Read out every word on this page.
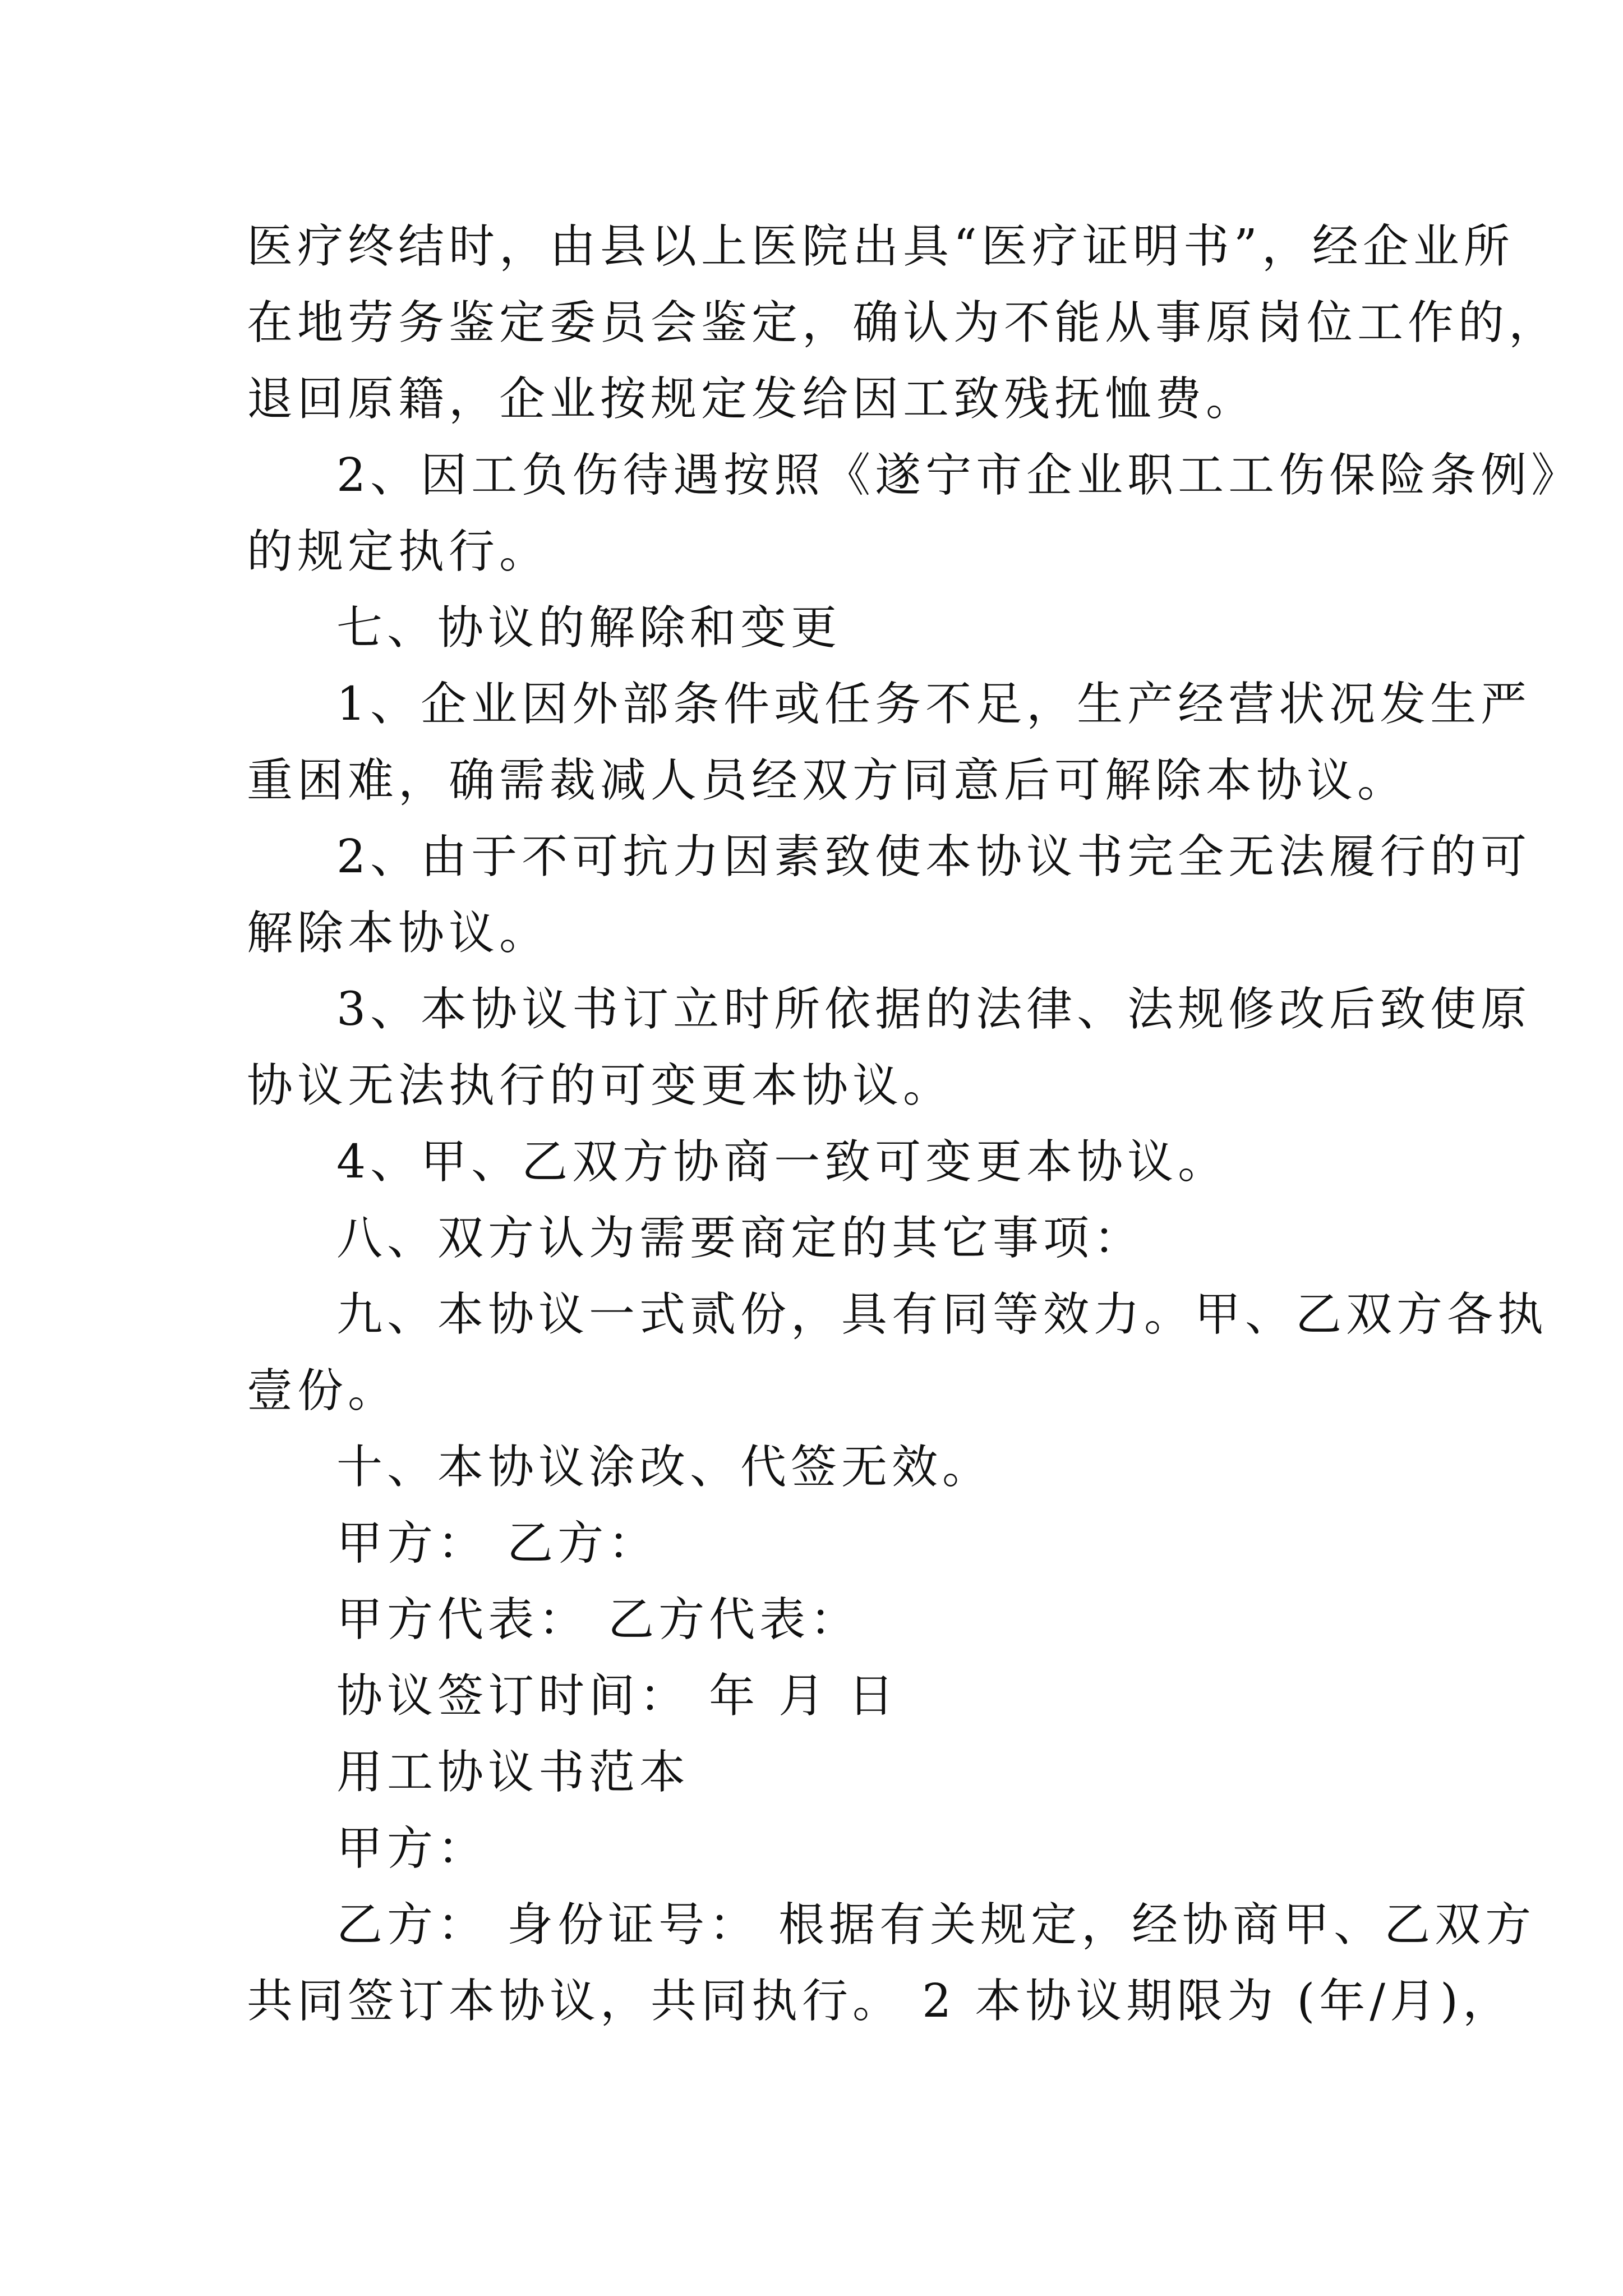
医疗终结时，由县以上医院出具“医疗证明书”，经企业所
在地劳务鉴定委员会鉴定，确认为不能从事原岗位工作的，
退回原籍，企业按规定发给因工致残抚恤费。
2、因工负伤待遇按照《遂宁市企业职工工伤保险条例》
的规定执行。
七、协议的解除和变更
1、企业因外部条件或任务不足，生产经营状况发生严
重困难，确需裁减人员经双方同意后可解除本协议。
2、由于不可抗力因素致使本协议书完全无法履行的可
解除本协议。
3、本协议书订立时所依据的法律、法规修改后致使原
协议无法执行的可变更本协议。
4、甲、乙双方协商一致可变更本协议。
八、双方认为需要商定的其它事项：
九、本协议一式贰份，具有同等效力。甲、乙双方各执
壹份。
十、本协议涂改、代签无效。
甲方： 乙方：
甲方代表： 乙方代表：
协议签订时间： 年 月 日
用工协议书范本
甲方：
乙方： 身份证号： 根据有关规定，经协商甲、乙双方
共同签订本协议，共同执行。 2 本协议期限为 (年/月)，
